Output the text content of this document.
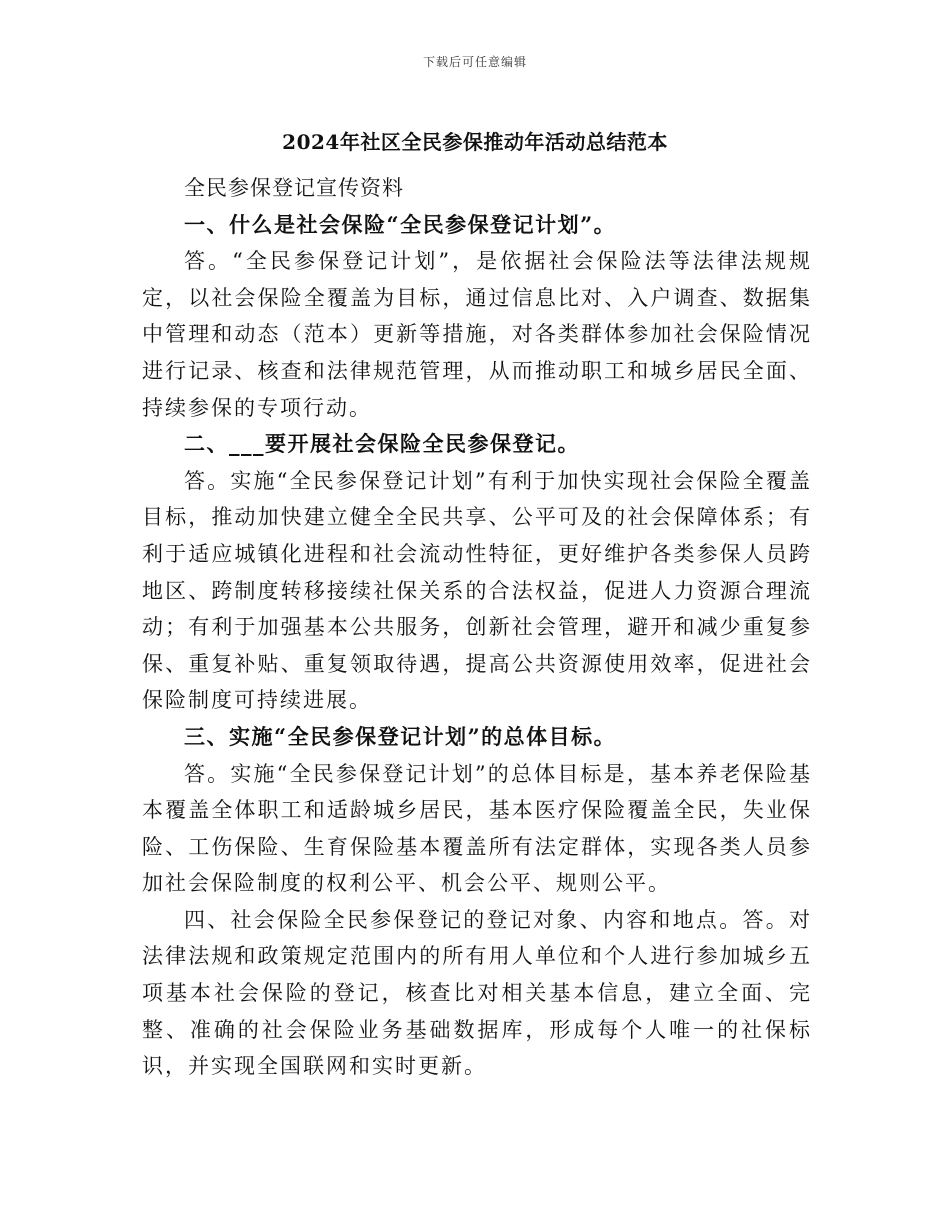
下载后可任意编辑
2024年社区全民参保推动年活动总结范本

全民参保登记宣传资料

一、什么是社会保险“全民参保登记计划”。

答。“全民参保登记计划”，是依据社会保险法等法律法规规定，以社会保险全覆盖为目标，通过信息比对、入户调查、数据集中管理和动态（范本）更新等措施，对各类群体参加社会保险情况进行记录、核查和法律规范管理，从而推动职工和城乡居民全面、持续参保的专项行动。

二、___要开展社会保险全民参保登记。

答。实施“全民参保登记计划”有利于加快实现社会保险全覆盖目标，推动加快建立健全全民共享、公平可及的社会保障体系；有利于适应城镇化进程和社会流动性特征，更好维护各类参保人员跨地区、跨制度转移接续社保关系的合法权益，促进人力资源合理流动；有利于加强基本公共服务，创新社会管理，避开和减少重复参保、重复补贴、重复领取待遇，提高公共资源使用效率，促进社会保险制度可持续进展。

三、实施“全民参保登记计划”的总体目标。

答。实施“全民参保登记计划”的总体目标是，基本养老保险基本覆盖全体职工和适龄城乡居民，基本医疗保险覆盖全民，失业保险、工伤保险、生育保险基本覆盖所有法定群体，实现各类人员参加社会保险制度的权利公平、机会公平、规则公平。

四、社会保险全民参保登记的登记对象、内容和地点。答。对法律法规和政策规定范围内的所有用人单位和个人进行参加城乡五项基本社会保险的登记，核查比对相关基本信息，建立全面、完整、准确的社会保险业务基础数据库，形成每个人唯一的社保标识，并实现全国联网和实时更新。
